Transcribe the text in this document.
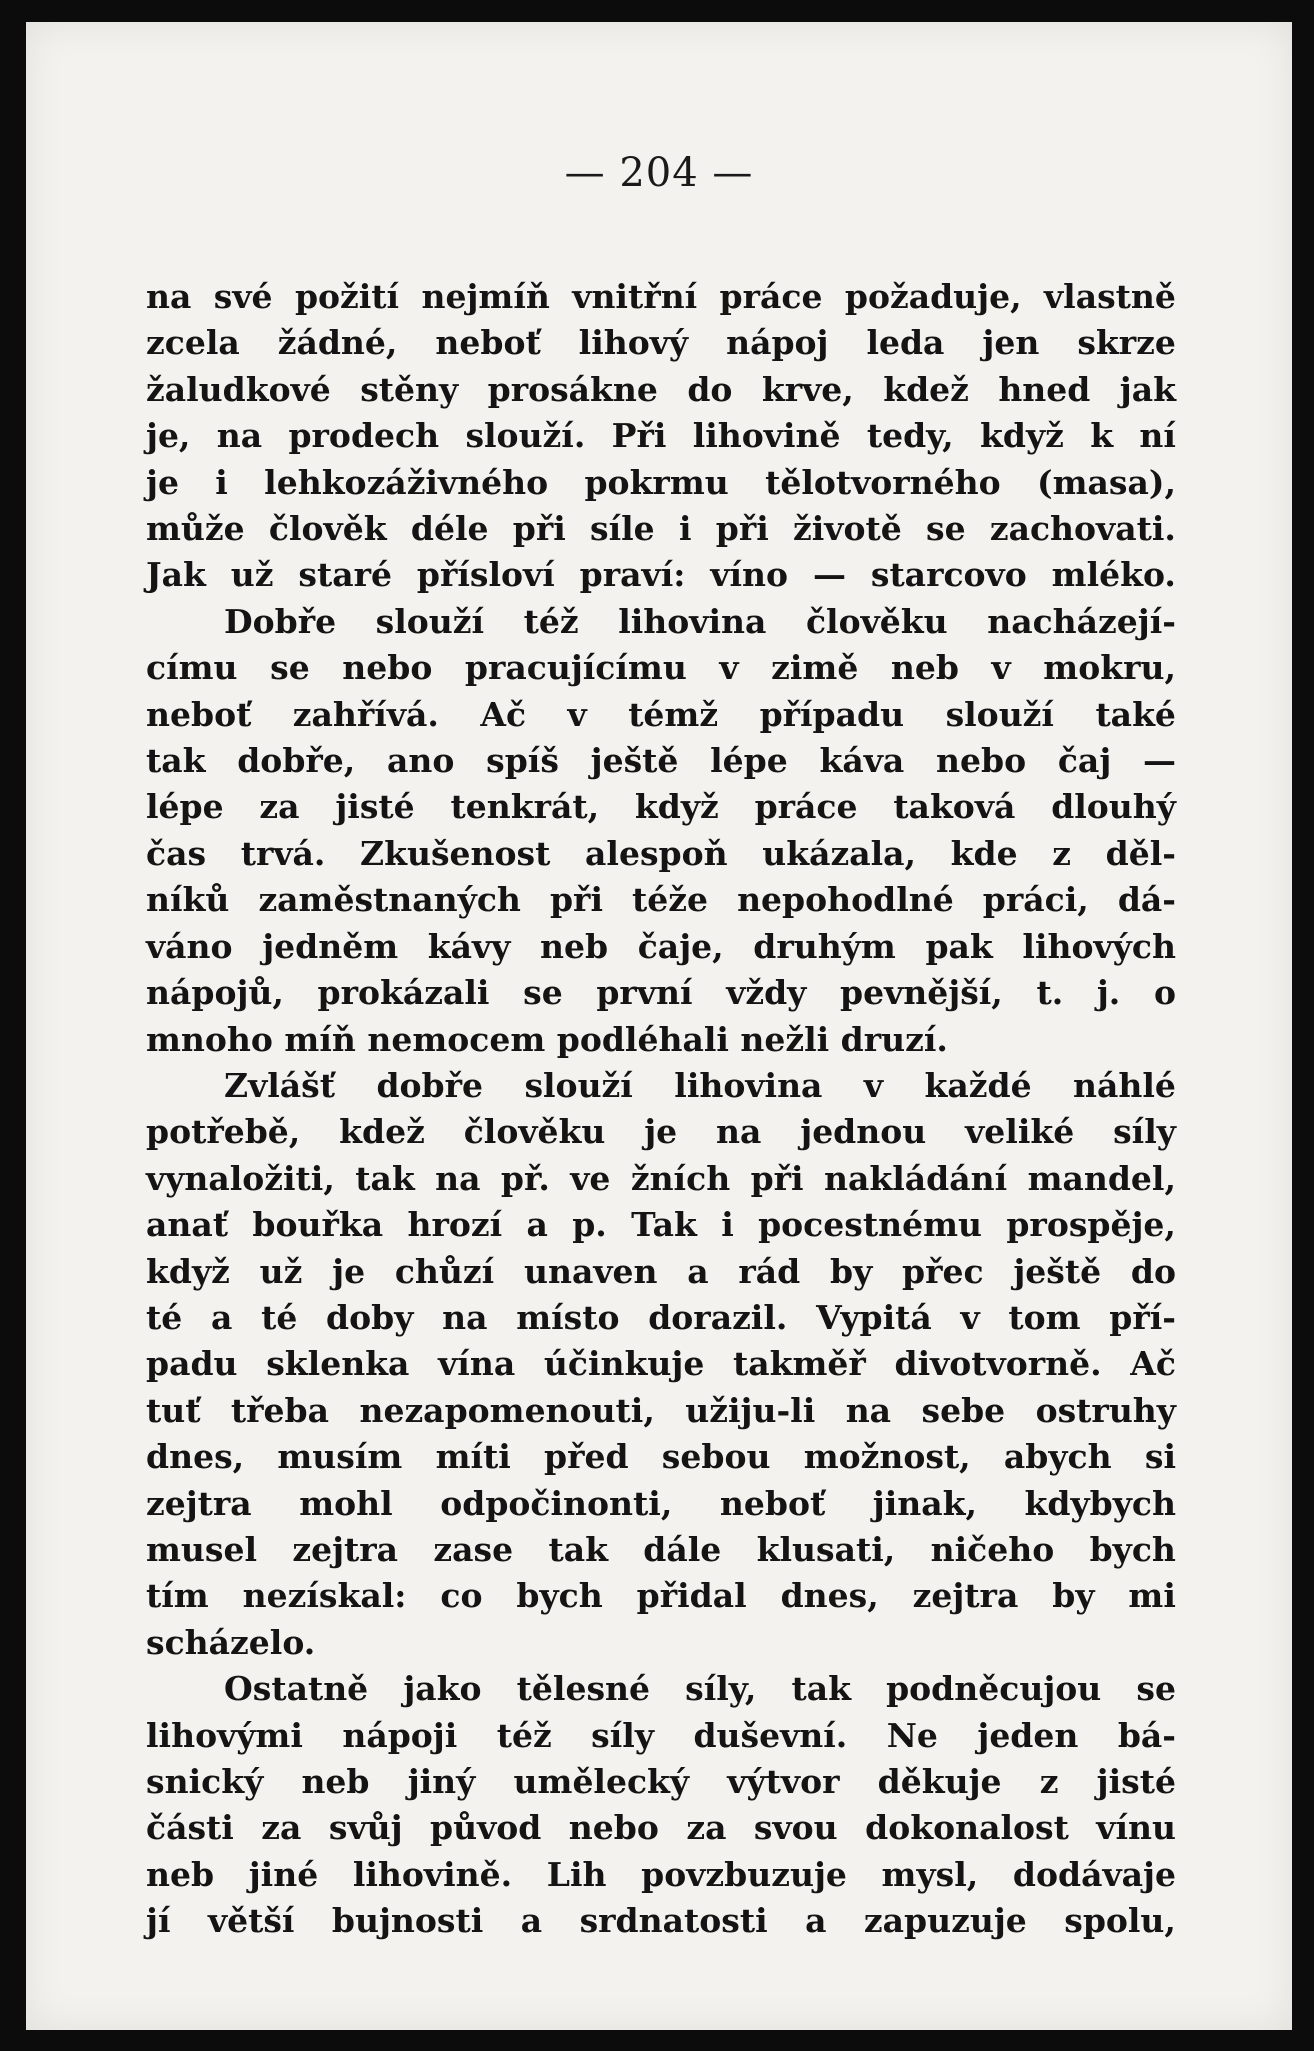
— 204 —
na své požití nejmíň vnitřní práce požaduje, vlastně
zcela žádné, neboť lihový nápoj leda jen skrze
žaludkové stěny prosákne do krve, kdež hned jak
je, na prodech slouží. Při lihovině tedy, když k ní
je i lehkozáživného pokrmu tělotvorného (masa),
může člověk déle při síle i při životě se zachovati.
Jak už staré přísloví praví: víno — starcovo mléko.
Dobře slouží též lihovina člověku nacházejí-
címu se nebo pracujícímu v zimě neb v mokru,
neboť zahřívá. Ač v témž případu slouží také
tak dobře, ano spíš ještě lépe káva nebo čaj —
lépe za jisté tenkrát, když práce taková dlouhý
čas trvá. Zkušenost alespoň ukázala, kde z děl-
níků zaměstnaných při téže nepohodlné práci, dá-
váno jedněm kávy neb čaje, druhým pak lihových
nápojů, prokázali se první vždy pevnější, t. j. o
mnoho míň nemocem podléhali nežli druzí.
Zvlášť dobře slouží lihovina v každé náhlé
potřebě, kdež člověku je na jednou veliké síly
vynaložiti, tak na př. ve žních při nakládání mandel,
anať bouřka hrozí a p. Tak i pocestnému prospěje,
když už je chůzí unaven a rád by přec ještě do
té a té doby na místo dorazil. Vypitá v tom pří-
padu sklenka vína účinkuje takměř divotvorně. Ač
tuť třeba nezapomenouti, užiju-li na sebe ostruhy
dnes, musím míti před sebou možnost, abych si
zejtra mohl odpočinonti, neboť jinak, kdybych
musel zejtra zase tak dále klusati, ničeho bych
tím nezískal: co bych přidal dnes, zejtra by mi
scházelo.
Ostatně jako tělesné síly, tak podněcujou se
lihovými nápoji též síly duševní. Ne jeden bá-
snický neb jiný umělecký výtvor děkuje z jisté
části za svůj původ nebo za svou dokonalost vínu
neb jiné lihovině. Lih povzbuzuje mysl, dodávaje
jí větší bujnosti a srdnatosti a zapuzuje spolu,
